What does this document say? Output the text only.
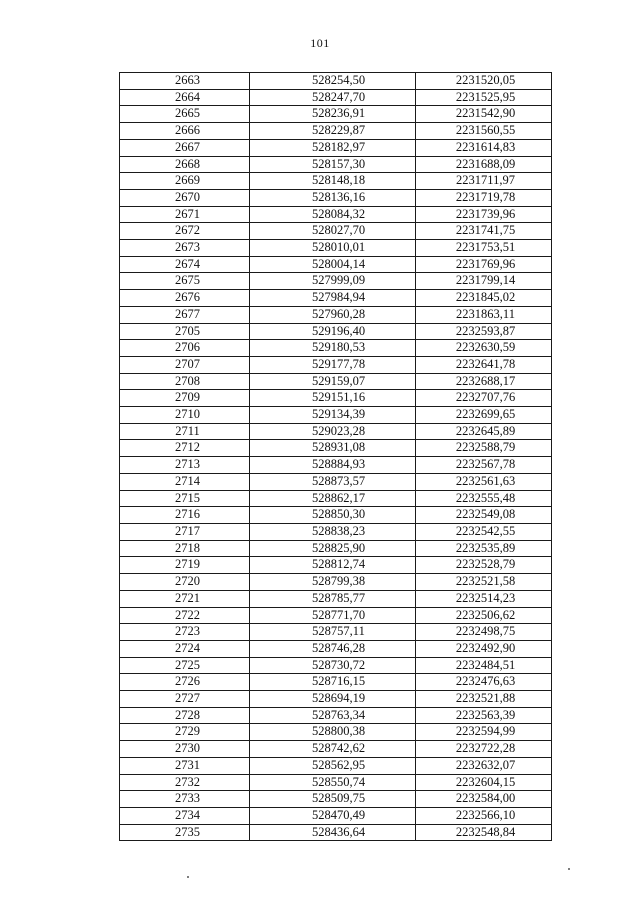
101
2663	528254,50	2231520,05
2664	528247,70	2231525,95
2665	528236,91	2231542,90
2666	528229,87	2231560,55
2667	528182,97	2231614,83
2668	528157,30	2231688,09
2669	528148,18	2231711,97
2670	528136,16	2231719,78
2671	528084,32	2231739,96
2672	528027,70	2231741,75
2673	528010,01	2231753,51
2674	528004,14	2231769,96
2675	527999,09	2231799,14
2676	527984,94	2231845,02
2677	527960,28	2231863,11
2705	529196,40	2232593,87
2706	529180,53	2232630,59
2707	529177,78	2232641,78
2708	529159,07	2232688,17
2709	529151,16	2232707,76
2710	529134,39	2232699,65
2711	529023,28	2232645,89
2712	528931,08	2232588,79
2713	528884,93	2232567,78
2714	528873,57	2232561,63
2715	528862,17	2232555,48
2716	528850,30	2232549,08
2717	528838,23	2232542,55
2718	528825,90	2232535,89
2719	528812,74	2232528,79
2720	528799,38	2232521,58
2721	528785,77	2232514,23
2722	528771,70	2232506,62
2723	528757,11	2232498,75
2724	528746,28	2232492,90
2725	528730,72	2232484,51
2726	528716,15	2232476,63
2727	528694,19	2232521,88
2728	528763,34	2232563,39
2729	528800,38	2232594,99
2730	528742,62	2232722,28
2731	528562,95	2232632,07
2732	528550,74	2232604,15
2733	528509,75	2232584,00
2734	528470,49	2232566,10
2735	528436,64	2232548,84
